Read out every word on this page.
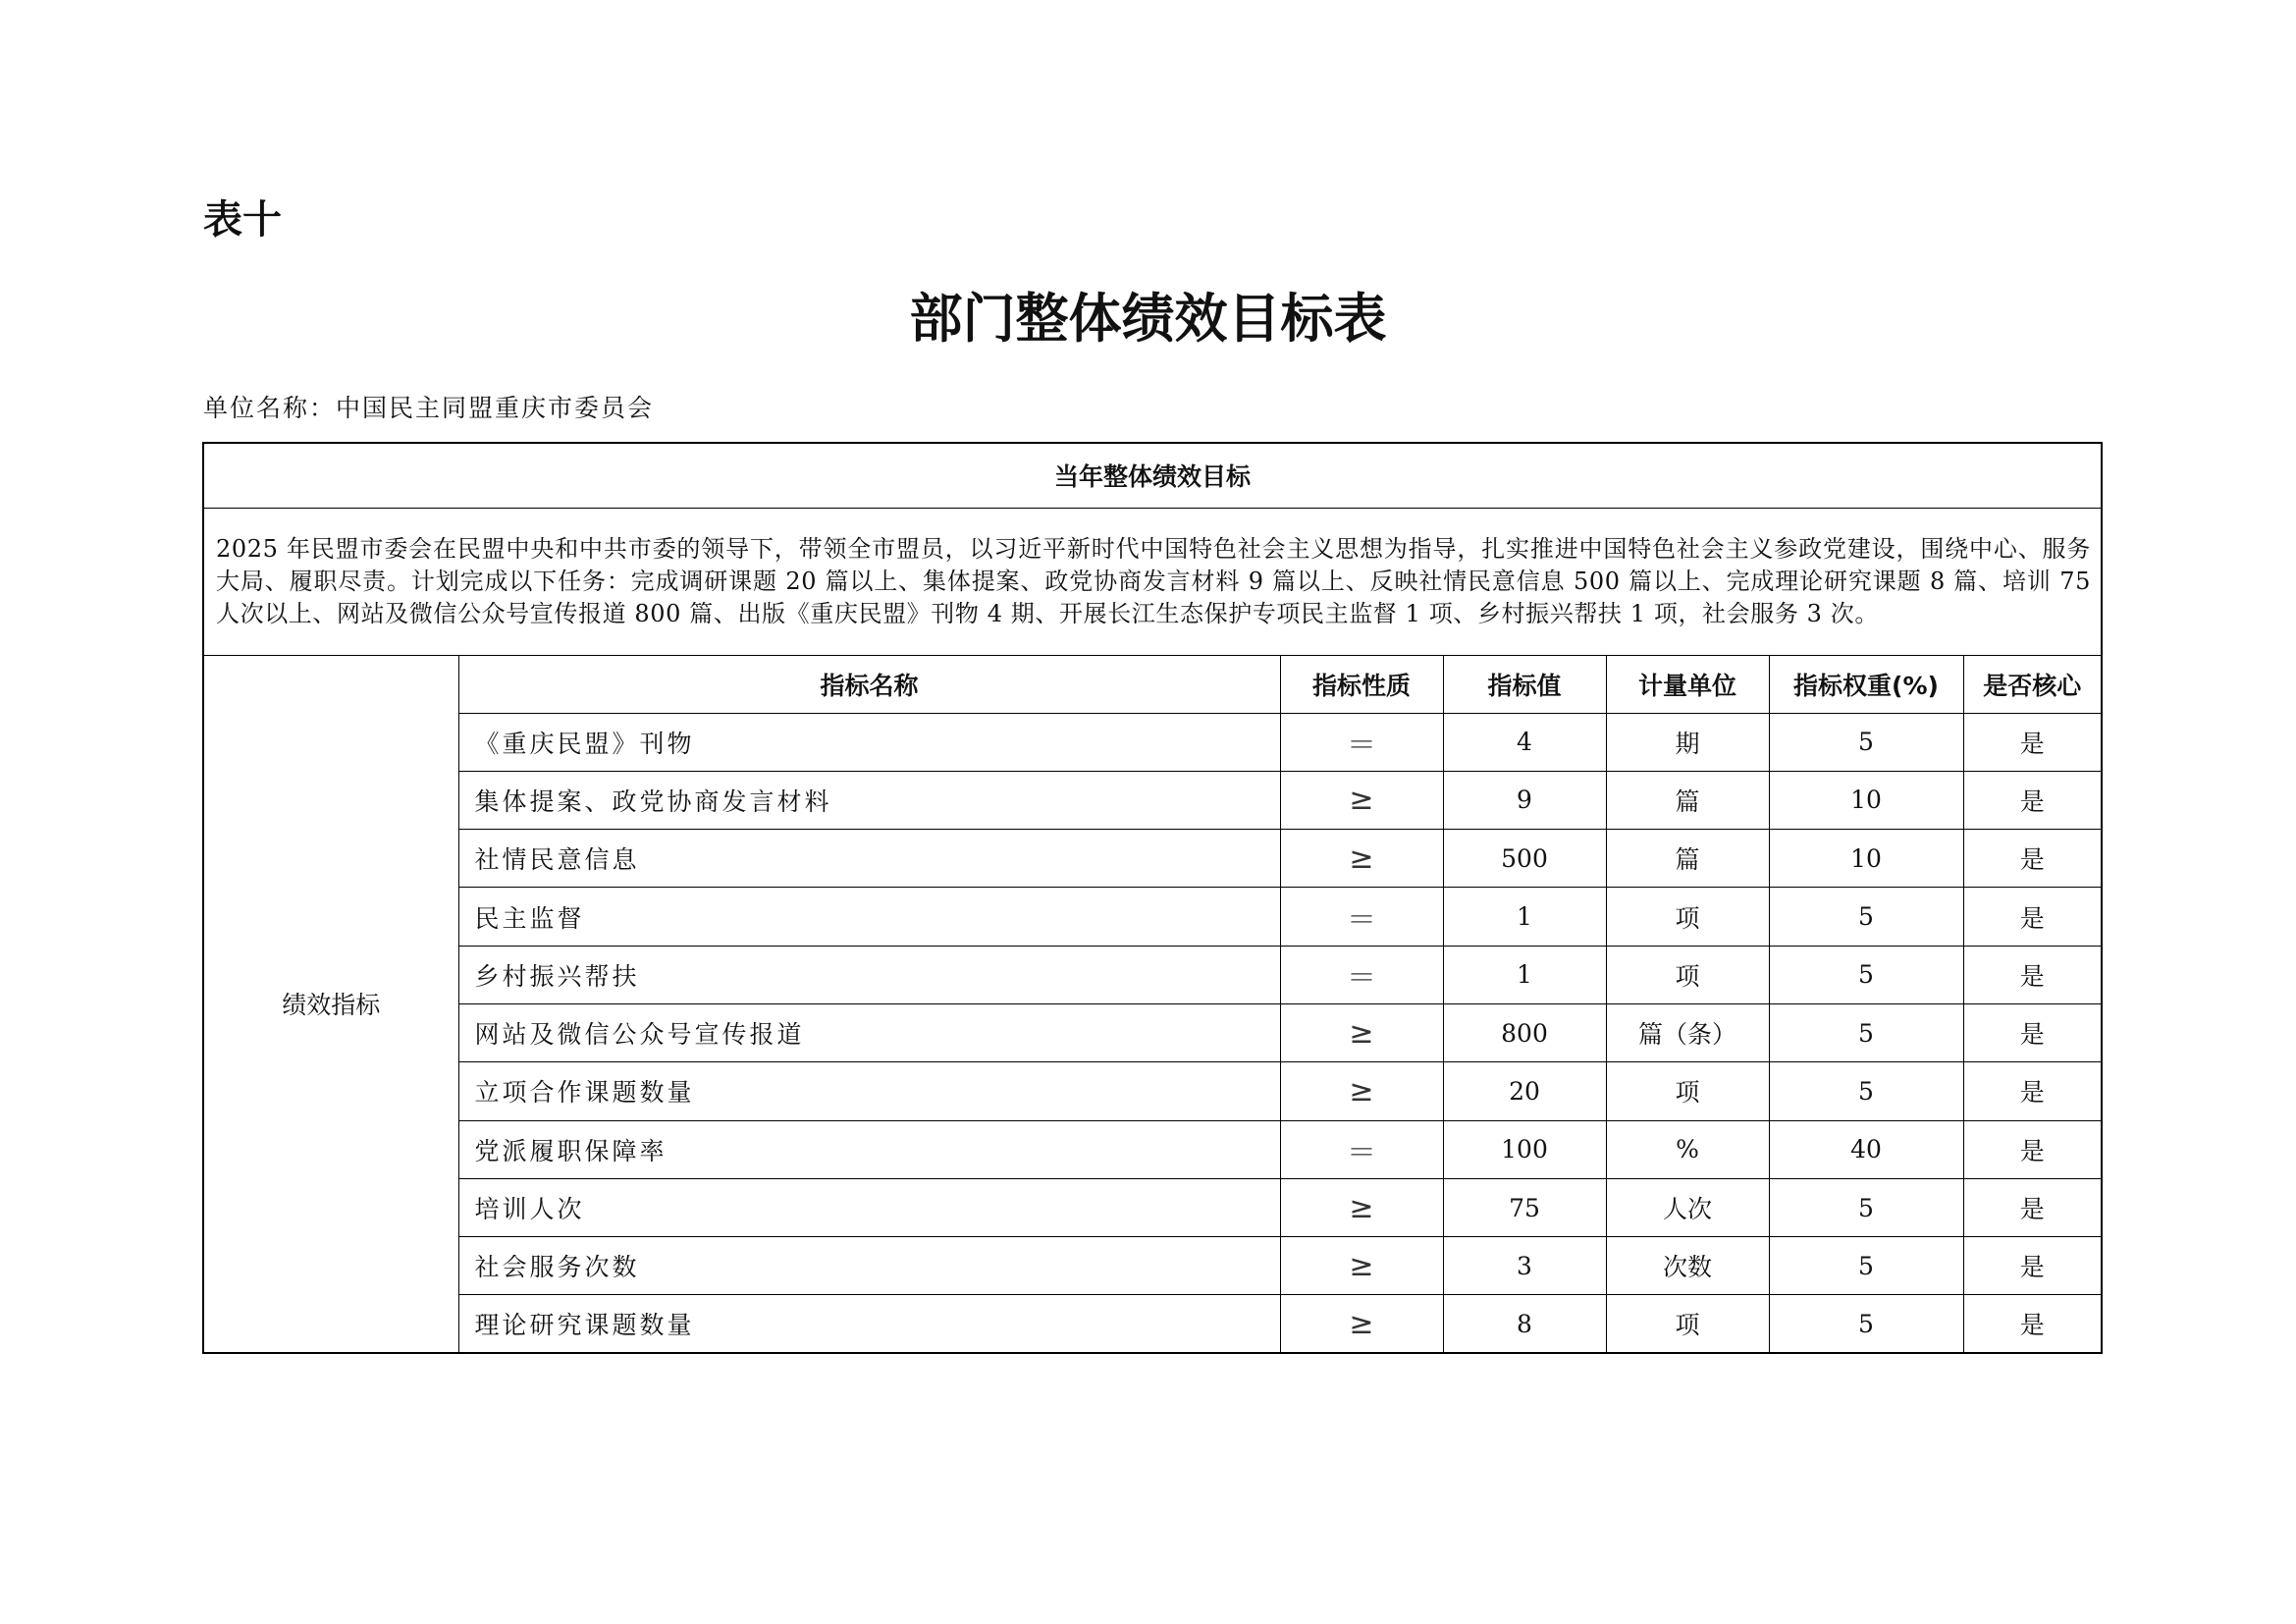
表十
部门整体绩效目标表
单位名称：中国民主同盟重庆市委员会
当年整体绩效目标						
2025 年民盟市委会在民盟中央和中共市委的领导下，带领全市盟员，以习近平新时代中国特色社会主义思想为指导，扎实推进中国特色社会主义参政党建设，围绕中心、服务大局、履职尽责。计划完成以下任务：完成调研课题 20 篇以上、集体提案、政党协商发言材料 9 篇以上、反映社情民意信息 500 篇以上、完成理论研究课题 8 篇、培训 75 人次以上、网站及微信公众号宣传报道 800 篇、出版《重庆民盟》刊物 4 期、开展长江生态保护专项民主监督 1 项、乡村振兴帮扶 1 项，社会服务 3 次。						
绩效指标	指标名称	指标性质	指标值	计量单位	指标权重(%)	是否核心
	《重庆民盟》刊物	＝	4	期	5	是
	集体提案、政党协商发言材料	≥	9	篇	10	是
	社情民意信息	≥	500	篇	10	是
	民主监督	＝	1	项	5	是
	乡村振兴帮扶	＝	1	项	5	是
	网站及微信公众号宣传报道	≥	800	篇（条）	5	是
	立项合作课题数量	≥	20	项	5	是
	党派履职保障率	＝	100	%	40	是
	培训人次	≥	75	人次	5	是
	社会服务次数	≥	3	次数	5	是
	理论研究课题数量	≥	8	项	5	是
